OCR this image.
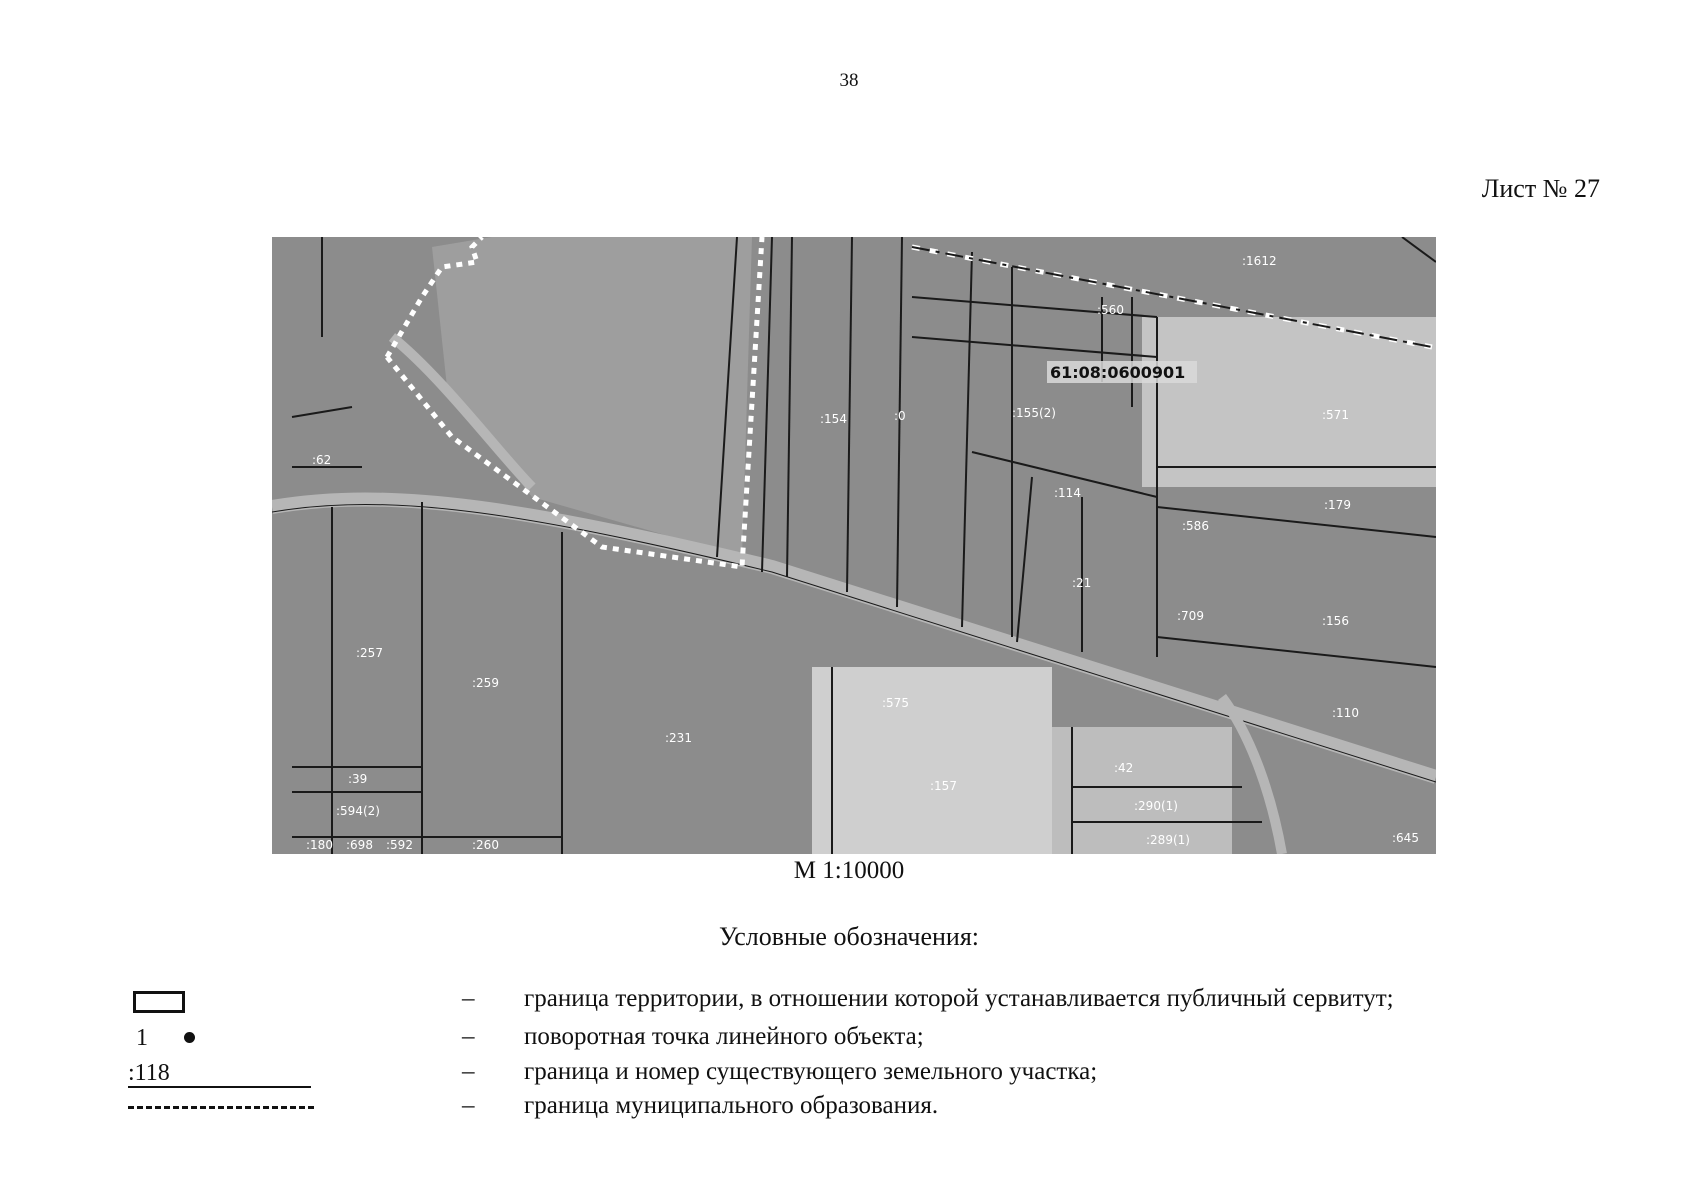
38
Лист № 27
:1612
:560
:155(2)
:154	:0	:571
:114
:179
:586
:21
:709	:156
:62
:257
:259
:231
:575
:110
:157
:42
:290(1)
:289(1)
:39
:594(2)
:180 :698 :592	:260	:645
61:08:0600901
М 1:10000
Условные обозначения:
– граница территории, в отношении которой устанавливается публичный сервитут;
1	– поворотная точка линейного объекта;
:118	– граница и номер существующего земельного участка;
– граница муниципального образования.
